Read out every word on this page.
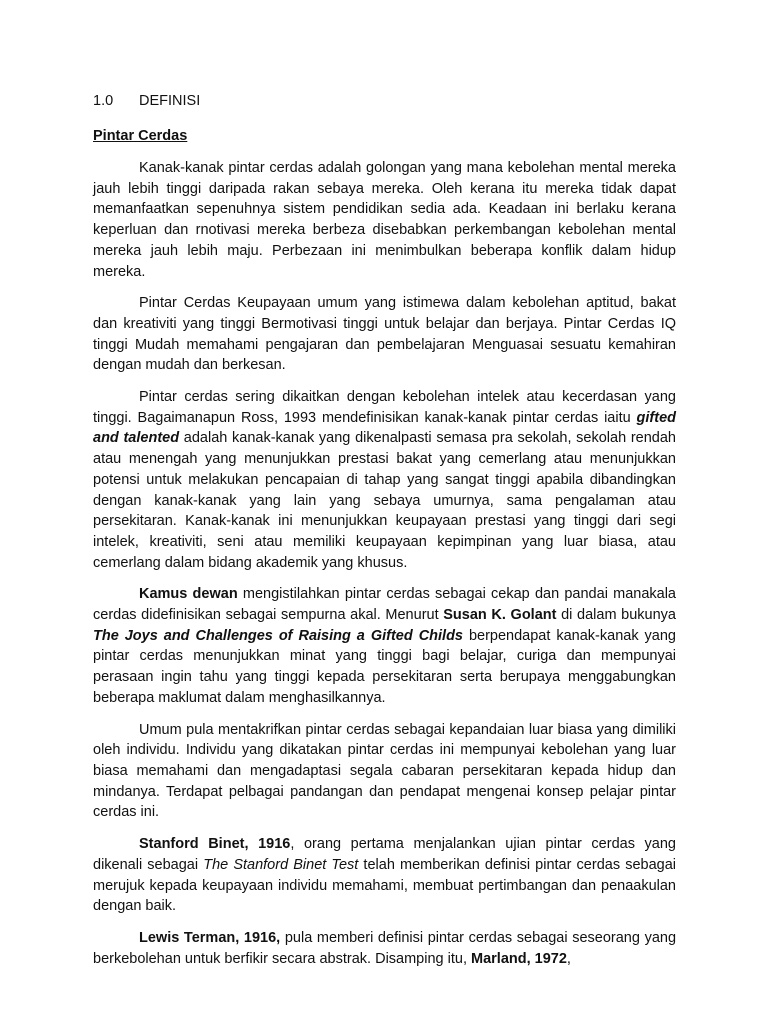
1.0 DEFINISI
Pintar Cerdas

Kanak-kanak pintar cerdas adalah golongan yang mana kebolehan mental mereka jauh lebih tinggi daripada rakan sebaya mereka. Oleh kerana itu mereka tidak dapat memanfaatkan sepenuhnya sistem pendidikan sedia ada. Keadaan ini berlaku kerana keperluan dan rnotivasi mereka berbeza disebabkan perkembangan kebolehan mental mereka jauh lebih maju. Perbezaan ini menimbulkan beberapa konflik dalam hidup mereka.

Pintar Cerdas Keupayaan umum yang istimewa dalam kebolehan aptitud, bakat dan kreativiti yang tinggi Bermotivasi tinggi untuk belajar dan berjaya. Pintar Cerdas IQ tinggi Mudah memahami pengajaran dan pembelajaran Menguasai sesuatu kemahiran dengan mudah dan berkesan.

Pintar cerdas sering dikaitkan dengan kebolehan intelek atau kecerdasan yang tinggi. Bagaimanapun Ross, 1993 mendefinisikan kanak-kanak pintar cerdas iaitu gifted and talented adalah kanak-kanak yang dikenalpasti semasa pra sekolah, sekolah rendah atau menengah yang menunjukkan prestasi bakat yang cemerlang atau menunjukkan potensi untuk melakukan pencapaian di tahap yang sangat tinggi apabila dibandingkan dengan kanak-kanak yang lain yang sebaya umurnya, sama pengalaman atau persekitaran. Kanak-kanak ini menunjukkan keupayaan prestasi yang tinggi dari segi intelek, kreativiti, seni atau memiliki keupayaan kepimpinan yang luar biasa, atau cemerlang dalam bidang akademik yang khusus.

Kamus dewan mengistilahkan pintar cerdas sebagai cekap dan pandai manakala cerdas didefinisikan sebagai sempurna akal. Menurut Susan K. Golant di dalam bukunya The Joys and Challenges of Raising a Gifted Childs berpendapat kanak-kanak yang pintar cerdas menunjukkan minat yang tinggi bagi belajar, curiga dan mempunyai perasaan ingin tahu yang tinggi kepada persekitaran serta berupaya menggabungkan beberapa maklumat dalam menghasilkannya.

Umum pula mentakrifkan pintar cerdas sebagai kepandaian luar biasa yang dimiliki oleh individu. Individu yang dikatakan pintar cerdas ini mempunyai kebolehan yang luar biasa memahami dan mengadaptasi segala cabaran persekitaran kepada hidup dan mindanya. Terdapat pelbagai pandangan dan pendapat mengenai konsep pelajar pintar cerdas ini.

Stanford Binet, 1916, orang pertama menjalankan ujian pintar cerdas yang dikenali sebagai The Stanford Binet Test telah memberikan definisi pintar cerdas sebagai merujuk kepada keupayaan individu memahami, membuat pertimbangan dan penaakulan dengan baik.

Lewis Terman, 1916, pula memberi definisi pintar cerdas sebagai seseorang yang berkebolehan untuk berfikir secara abstrak. Disamping itu, Marland, 1972,
